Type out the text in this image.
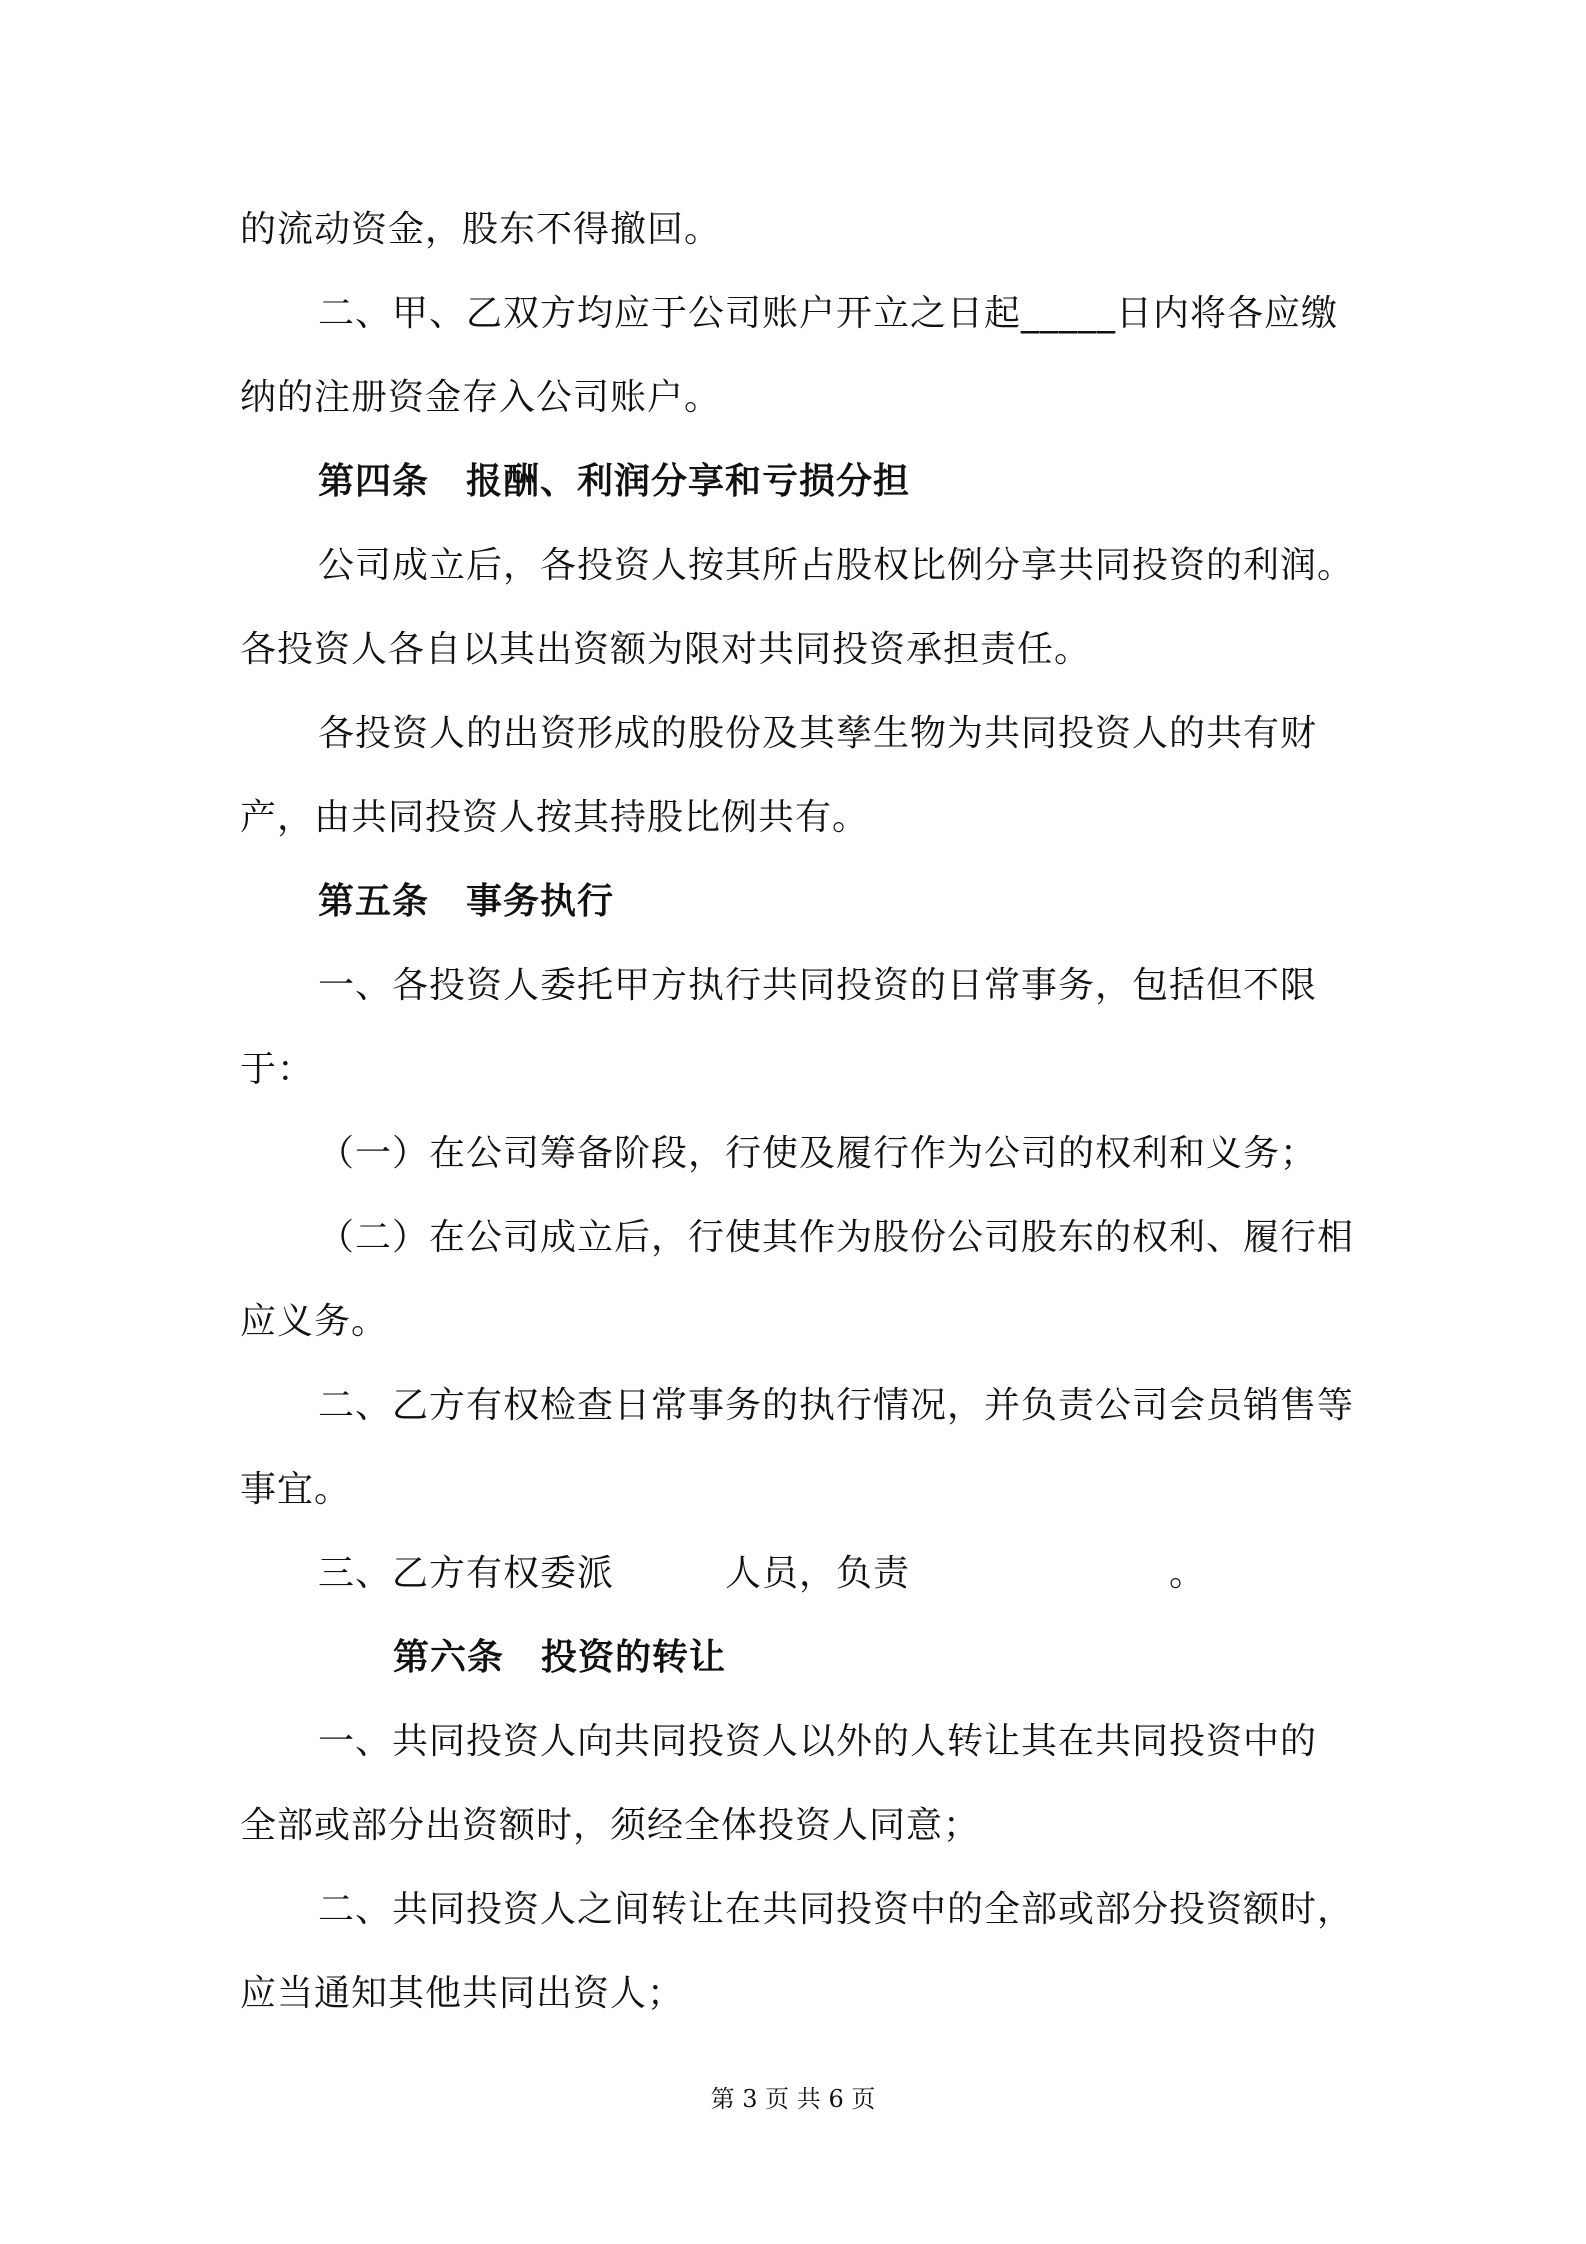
的流动资金，股东不得撤回。
二、甲、乙双方均应于公司账户开立之日起_____日内将各应缴
纳的注册资金存入公司账户。
第四条　报酬、利润分享和亏损分担
公司成立后，各投资人按其所占股权比例分享共同投资的利润。
各投资人各自以其出资额为限对共同投资承担责任。
各投资人的出资形成的股份及其孳生物为共同投资人的共有财
产，由共同投资人按其持股比例共有。
第五条　事务执行
一、各投资人委托甲方执行共同投资的日常事务，包括但不限
于：
（一）在公司筹备阶段，行使及履行作为公司的权利和义务；
（二）在公司成立后，行使其作为股份公司股东的权利、履行相
应义务。
二、乙方有权检查日常事务的执行情况，并负责公司会员销售等
事宜。
三、乙方有权委派　　　人员，负责　　　　　　　。
第六条　投资的转让
一、共同投资人向共同投资人以外的人转让其在共同投资中的
全部或部分出资额时，须经全体投资人同意；
二、共同投资人之间转让在共同投资中的全部或部分投资额时，
应当通知其他共同出资人；
第 3 页 共 6 页
